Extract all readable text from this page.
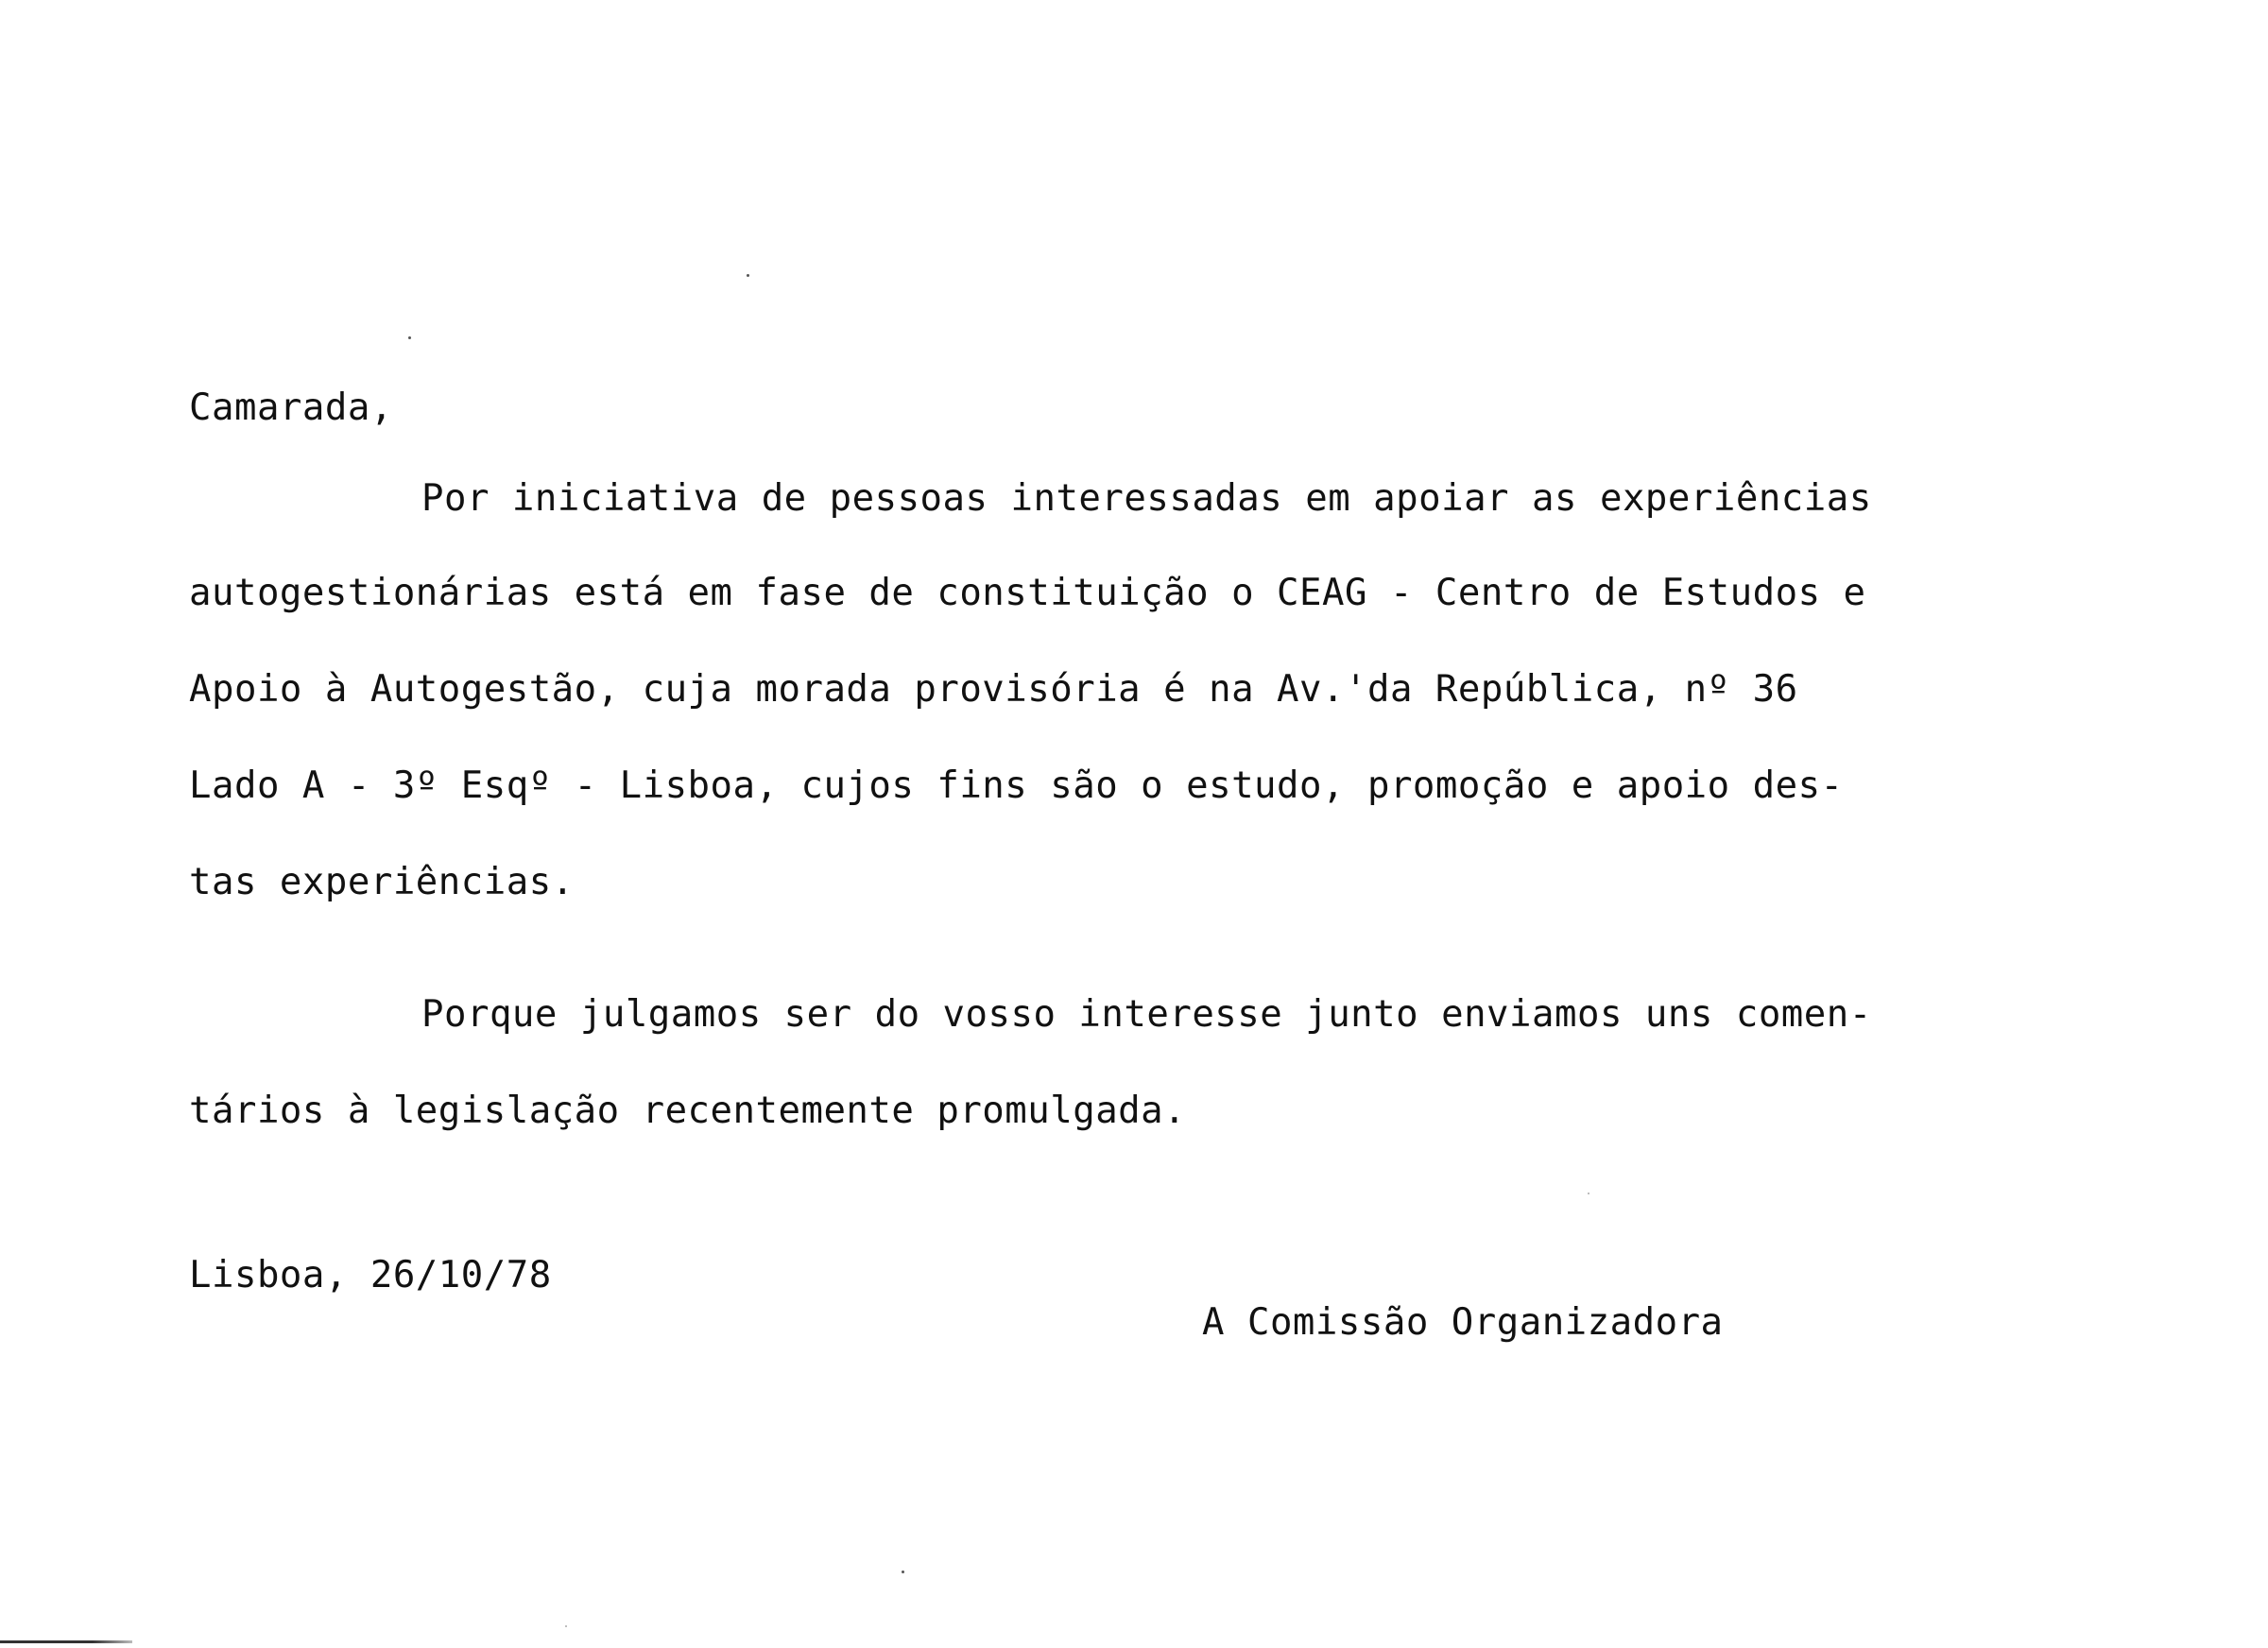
Camarada,
Por iniciativa de pessoas interessadas em apoiar as experiências
autogestionárias está em fase de constituição o CEAG - Centro de Estudos e
Apoio à Autogestão, cuja morada provisória é na Av.'da República, nº 36
Lado A - 3º Esqº - Lisboa, cujos fins são o estudo, promoção e apoio des-
tas experiências.
Porque julgamos ser do vosso interesse junto enviamos uns comen-
tários à legislação recentemente promulgada.
Lisboa, 26/10/78
A Comissão Organizadora
